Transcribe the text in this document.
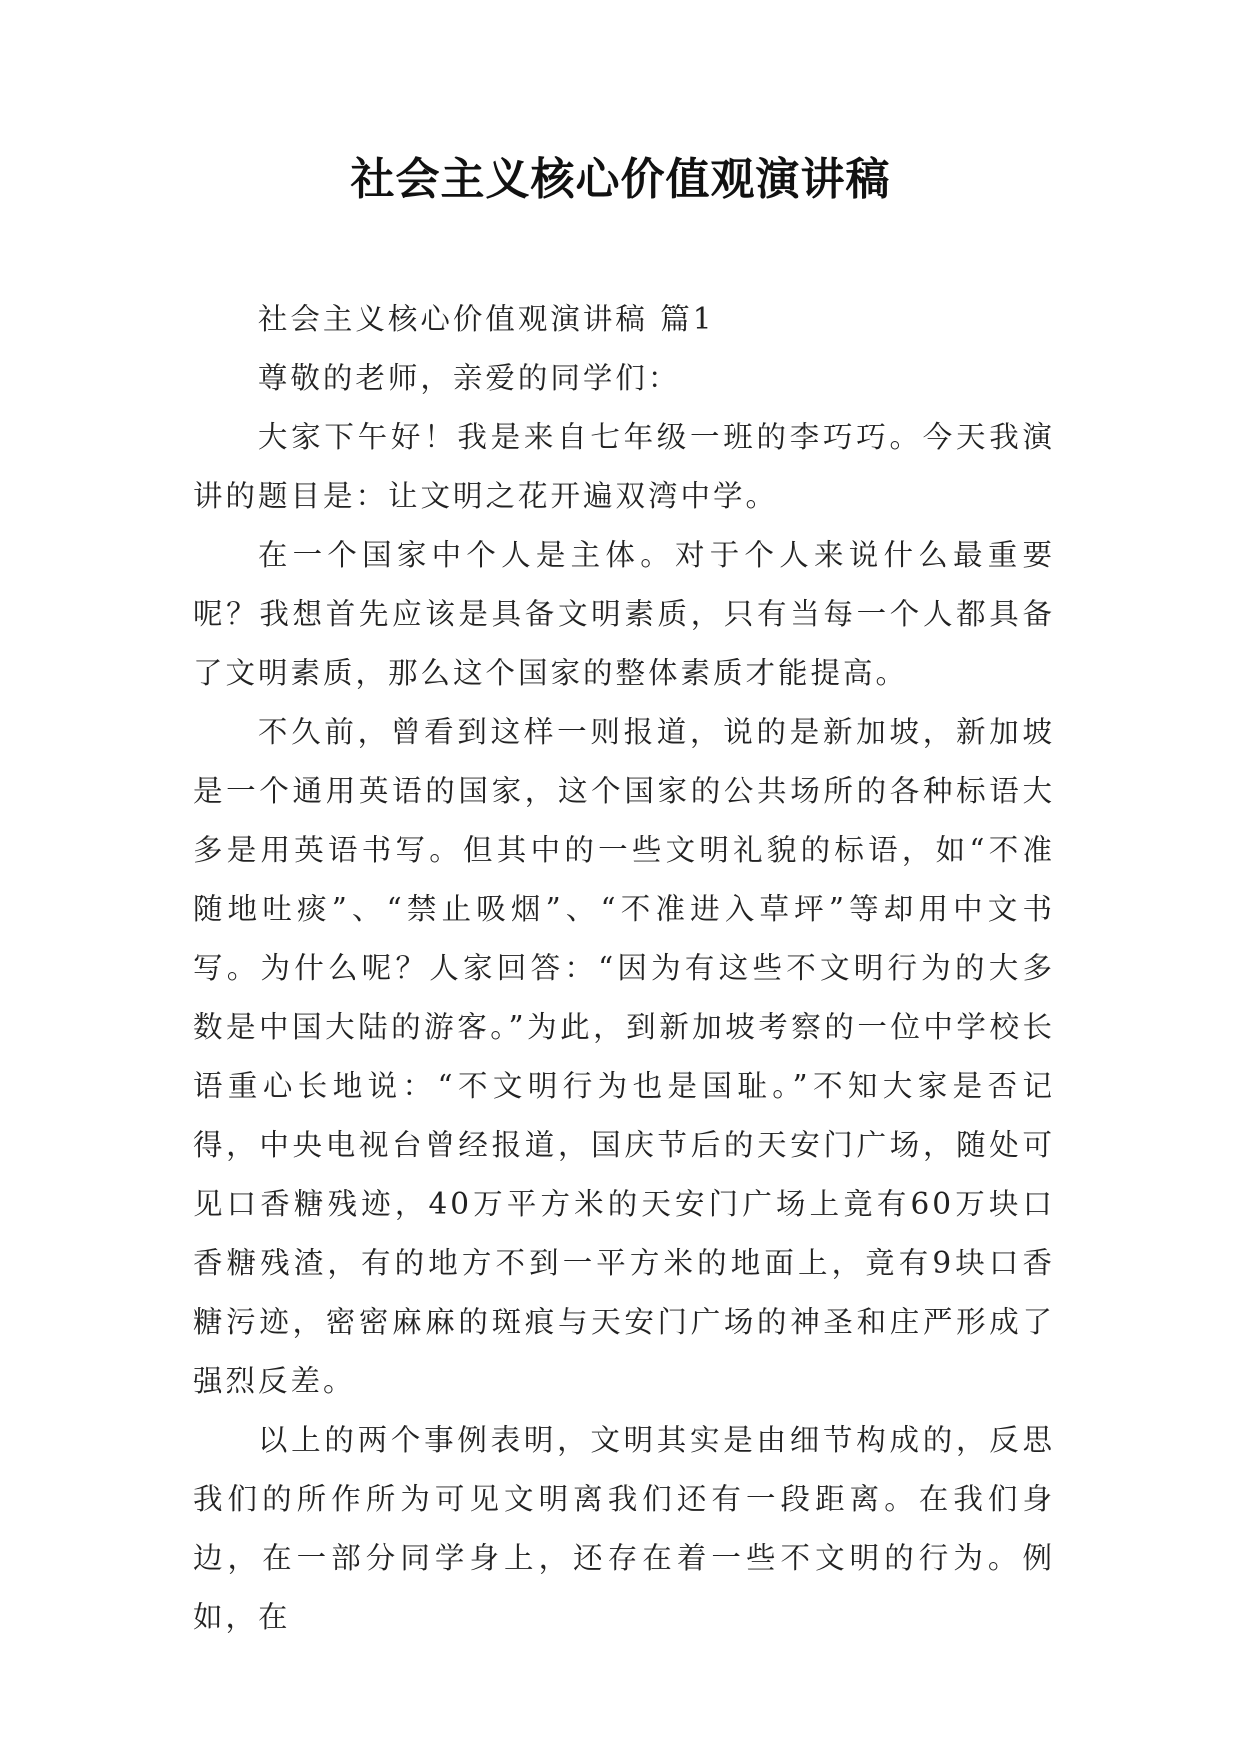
社会主义核心价值观演讲稿

社会主义核心价值观演讲稿 篇1

尊敬的老师，亲爱的同学们：

大家下午好！我是来自七年级一班的李巧巧。今天我演讲的题目是：让文明之花开遍双湾中学。

在一个国家中个人是主体。对于个人来说什么最重要呢？我想首先应该是具备文明素质，只有当每一个人都具备了文明素质，那么这个国家的整体素质才能提高。

不久前，曾看到这样一则报道，说的是新加坡，新加坡是一个通用英语的国家，这个国家的公共场所的各种标语大多是用英语书写。但其中的一些文明礼貌的标语，如“不准随地吐痰”、“禁止吸烟”、“不准进入草坪”等却用中文书写。为什么呢？人家回答：“因为有这些不文明行为的大多数是中国大陆的游客。”为此，到新加坡考察的一位中学校长语重心长地说：“不文明行为也是国耻。”不知大家是否记得，中央电视台曾经报道，国庆节后的天安门广场，随处可见口香糖残迹，40万平方米的天安门广场上竟有60万块口香糖残渣，有的地方不到一平方米的地面上，竟有9块口香糖污迹，密密麻麻的斑痕与天安门广场的神圣和庄严形成了强烈反差。

以上的两个事例表明，文明其实是由细节构成的，反思我们的所作所为可见文明离我们还有一段距离。在我们身边，在一部分同学身上，还存在着一些不文明的行为。例如，在
